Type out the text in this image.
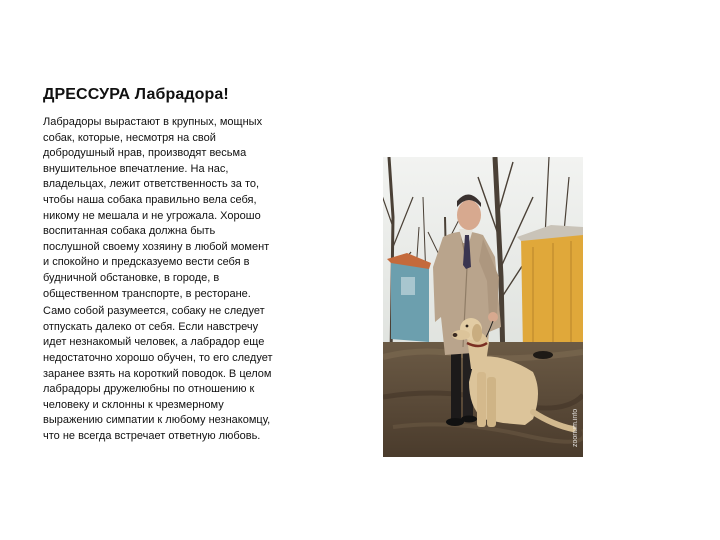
ДРЕССУРА Лабрадора!

Лабрадоры вырастают в крупных, мощных собак, которые, несмотря на свой добродушный нрав, производят весьма внушительное впечатление. На нас, владельцах, лежит ответственность за то, чтобы наша собака правильно вела себя, никому не мешала и не угрожала. Хорошо воспитанная собака должна быть послушной своему хозяину в любой момент и спокойно и предсказуемо вести себя в будничной обстановке, в городе, в общественном транспорте, в ресторане.

Само собой разумеется, собаку не следует отпускать далеко от себя. Если навстречу идет незнакомый человек, а лабрадор еще недостаточно хорошо обучен, то его следует заранее взять на короткий поводок. В целом лабрадоры дружелюбны по отношению к человеку и склонны к чрезмерному выражению симпатии к любому незнакомцу, что не всегда встречает ответную любовь.	zoorium.info
